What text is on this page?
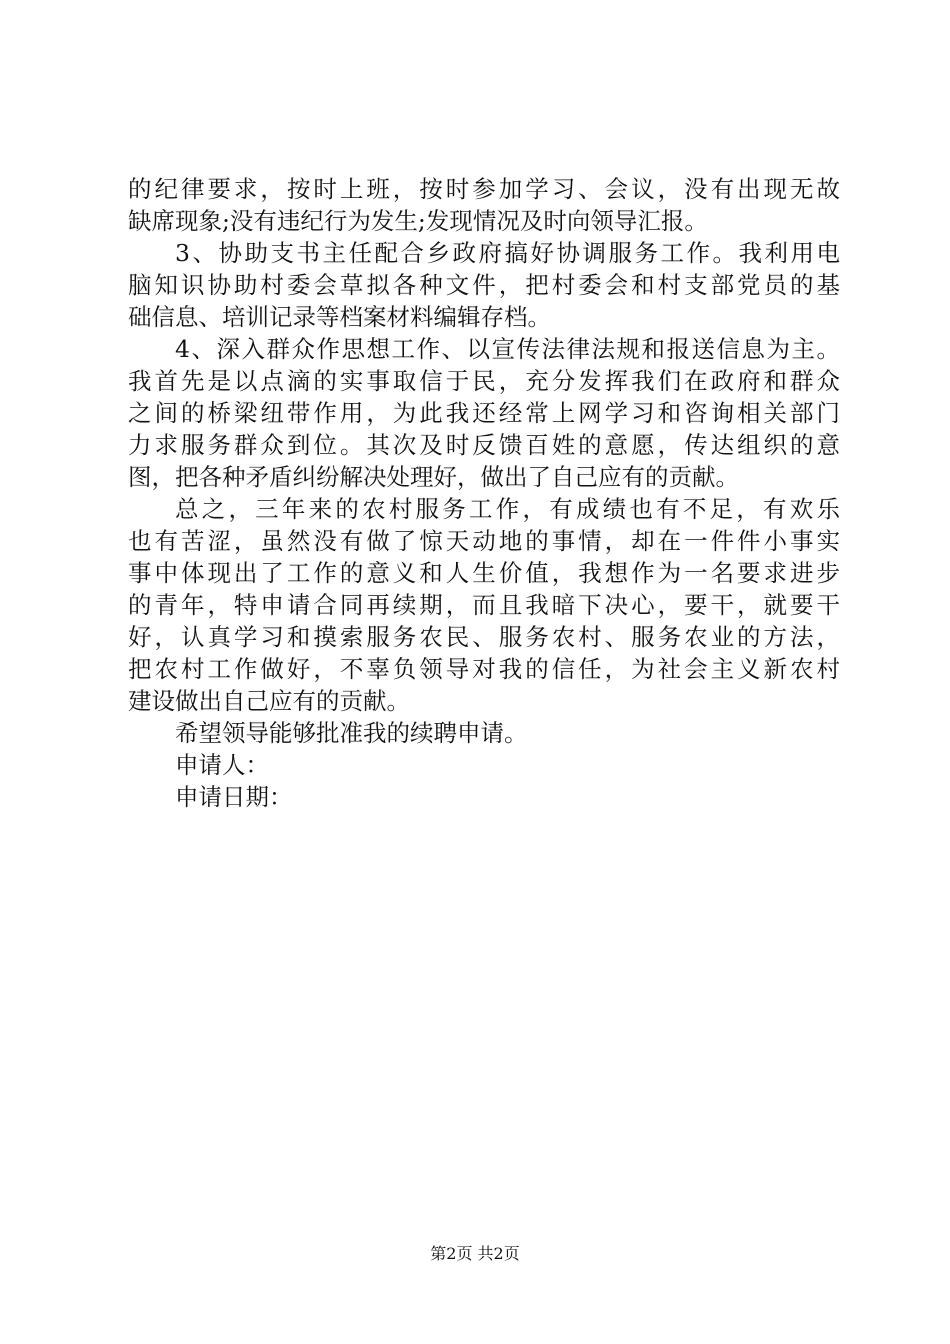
的纪律要求，按时上班，按时参加学习、会议，没有出现无故
缺席现象;没有违纪行为发生;发现情况及时向领导汇报。
3、协助支书主任配合乡政府搞好协调服务工作。我利用电
脑知识协助村委会草拟各种文件，把村委会和村支部党员的基
础信息、培训记录等档案材料编辑存档。
4、深入群众作思想工作、以宣传法律法规和报送信息为主。
我首先是以点滴的实事取信于民，充分发挥我们在政府和群众
之间的桥梁纽带作用，为此我还经常上网学习和咨询相关部门
力求服务群众到位。其次及时反馈百姓的意愿，传达组织的意
图，把各种矛盾纠纷解决处理好，做出了自己应有的贡献。
总之，三年来的农村服务工作，有成绩也有不足，有欢乐
也有苦涩，虽然没有做了惊天动地的事情，却在一件件小事实
事中体现出了工作的意义和人生价值，我想作为一名要求进步
的青年，特申请合同再续期，而且我暗下决心，要干，就要干
好，认真学习和摸索服务农民、服务农村、服务农业的方法，
把农村工作做好，不辜负领导对我的信任，为社会主义新农村
建设做出自己应有的贡献。
希望领导能够批准我的续聘申请。
申请人：
申请日期：
第2页 共2页
